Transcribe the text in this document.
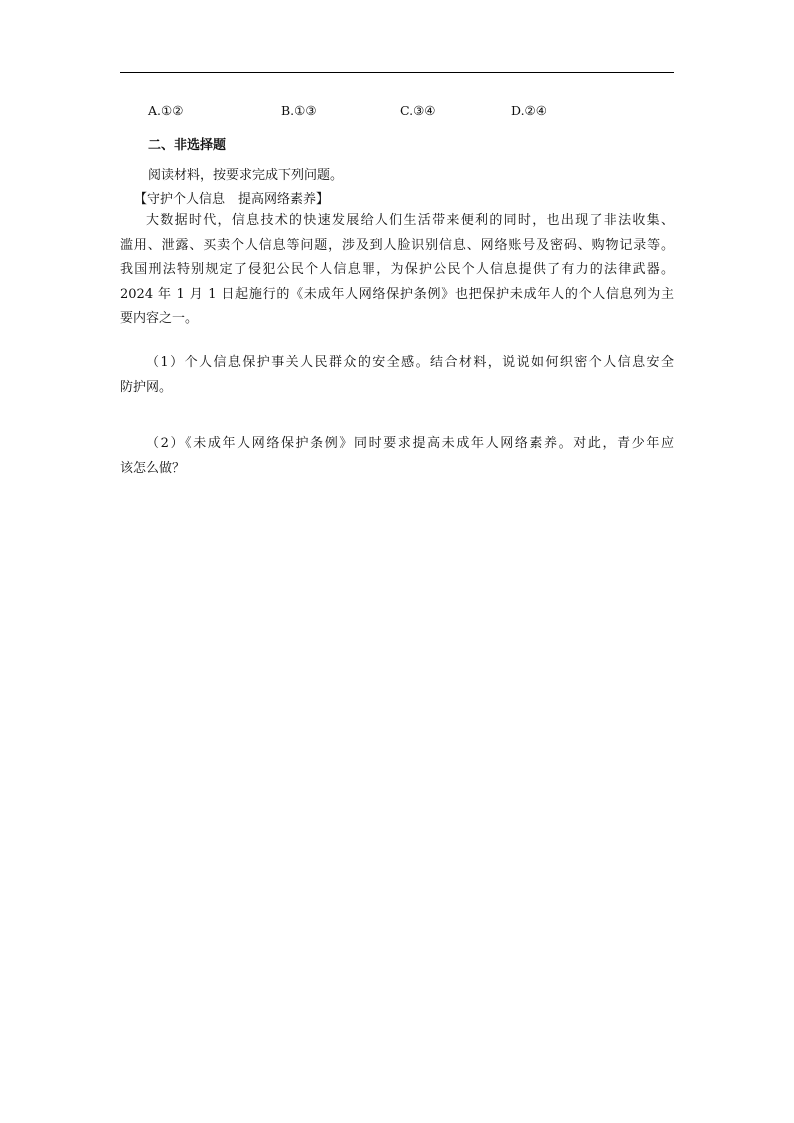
A.①②	B.①③	C.③④	D.②④
二、非选择题
阅读材料，按要求完成下列问题。
【守护个人信息　提高网络素养】

大数据时代，信息技术的快速发展给人们生活带来便利的同时，也出现了非法收集、

滥用、泄露、买卖个人信息等问题，涉及到人脸识别信息、网络账号及密码、购物记录等。

我国刑法特别规定了侵犯公民个人信息罪，为保护公民个人信息提供了有力的法律武器。

2024 年 1 月 1 日起施行的《未成年人网络保护条例》也把保护未成年人的个人信息列为主

要内容之一。

（1）个人信息保护事关人民群众的安全感。结合材料，说说如何织密个人信息安全

防护网。

（2）《未成年人网络保护条例》同时要求提高未成年人网络素养。对此，青少年应

该怎么做？
